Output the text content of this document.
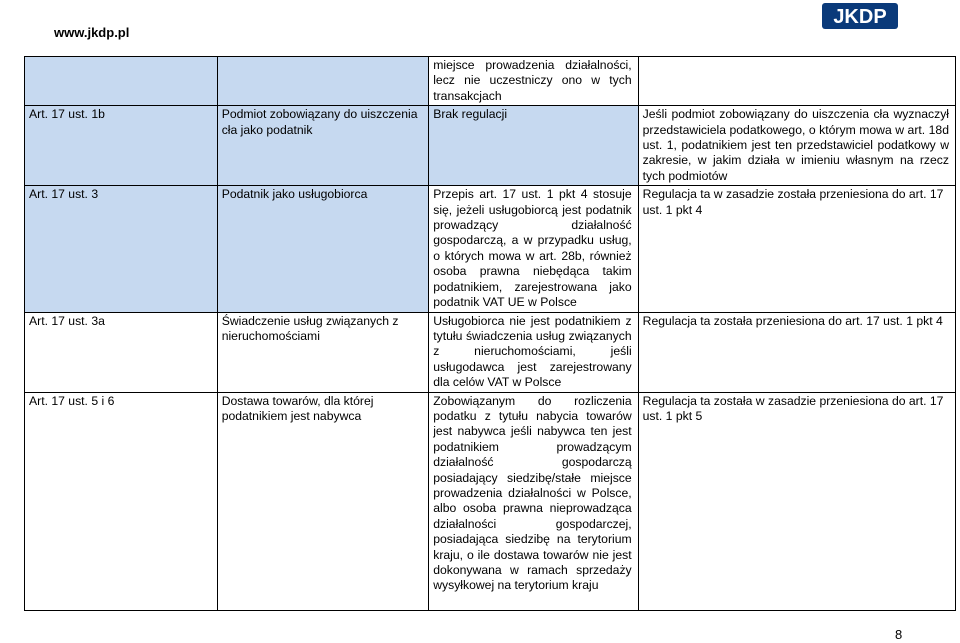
www.jkdp.pl
JKDP
		miejsce prowadzenia działalności, lecz nie uczestniczy ono w tych transakcjach	
Art. 17 ust. 1b	Podmiot zobowiązany do uiszczenia cła jako podatnik	Brak regulacji	Jeśli podmiot zobowiązany do uiszczenia cła wyznaczył przedstawiciela podatkowego, o którym mowa w art. 18d ust. 1, podatnikiem jest ten przedstawiciel podatkowy w zakresie, w jakim działa w imieniu własnym na rzecz tych podmiotów
Art. 17 ust. 3	Podatnik jako usługobiorca	Przepis art. 17 ust. 1 pkt 4 stosuje się, jeżeli usługobiorcą jest podatnik prowadzący działalność gospodarczą, a w przypadku usług, o których mowa w art. 28b, również osoba prawna niebędąca takim podatnikiem, zarejestrowana jako podatnik VAT UE w Polsce	Regulacja ta w zasadzie została przeniesiona do art. 17 ust. 1 pkt 4
Art. 17 ust. 3a	Świadczenie usług związanych z nieruchomościami	Usługobiorca nie jest podatnikiem z tytułu świadczenia usług związanych z nieruchomościami, jeśli usługodawca jest zarejestrowany dla celów VAT w Polsce	Regulacja ta została przeniesiona do art. 17 ust. 1 pkt 4
Art. 17 ust. 5 i 6	Dostawa towarów, dla której podatnikiem jest nabywca	Zobowiązanym do rozliczenia podatku z tytułu nabycia towarów jest nabywca jeśli nabywca ten jest podatnikiem prowadzącym działalność gospodarczą posiadający siedzibę/stałe miejsce prowadzenia działalności w Polsce, albo osoba prawna nieprowadząca działalności gospodarczej, posiadająca siedzibę na terytorium kraju, o ile dostawa towarów nie jest dokonywana w ramach sprzedaży wysyłkowej na terytorium kraju	Regulacja ta została w zasadzie przeniesiona do art. 17 ust. 1 pkt 5
8
